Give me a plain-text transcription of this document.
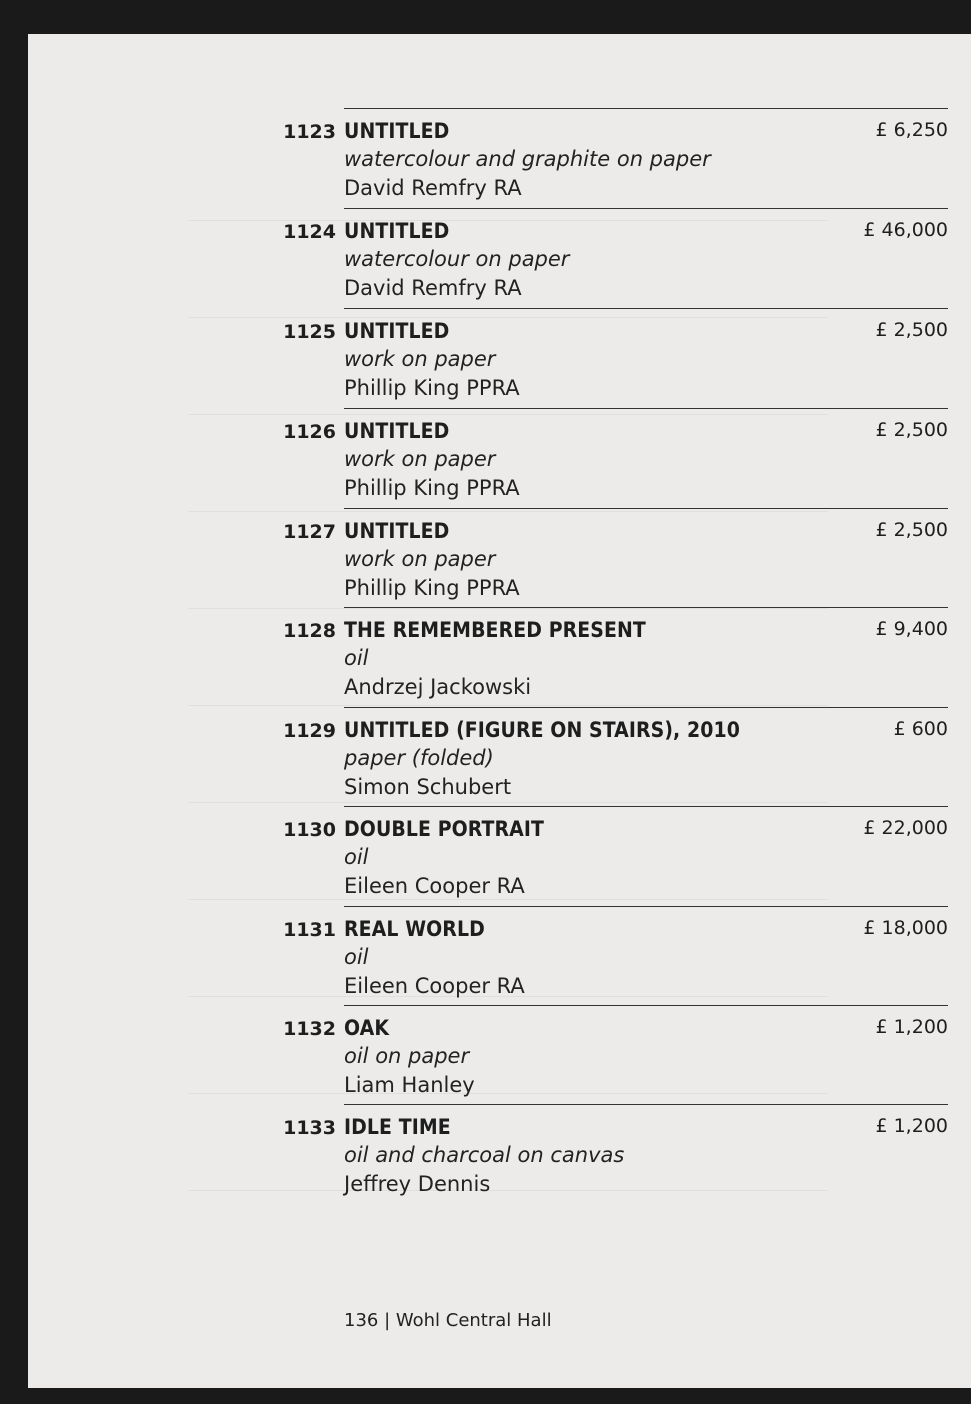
1123 UNTITLED
watercolour and graphite on paper
David Remfry RA
£ 6,250
1124 UNTITLED
watercolour on paper
David Remfry RA
£ 46,000
1125 UNTITLED
work on paper
Phillip King PPRA
£ 2,500
1126 UNTITLED
work on paper
Phillip King PPRA
£ 2,500
1127 UNTITLED
work on paper
Phillip King PPRA
£ 2,500
1128 THE REMEMBERED PRESENT
oil
Andrzej Jackowski
£ 9,400
1129 UNTITLED (FIGURE ON STAIRS), 2010
paper (folded)
Simon Schubert
£ 600
1130 DOUBLE PORTRAIT
oil
Eileen Cooper RA
£ 22,000
1131 REAL WORLD
oil
Eileen Cooper RA
£ 18,000
1132 OAK
oil on paper
Liam Hanley
£ 1,200
1133 IDLE TIME
oil and charcoal on canvas
Jeffrey Dennis
£ 1,200
136 | Wohl Central Hall
